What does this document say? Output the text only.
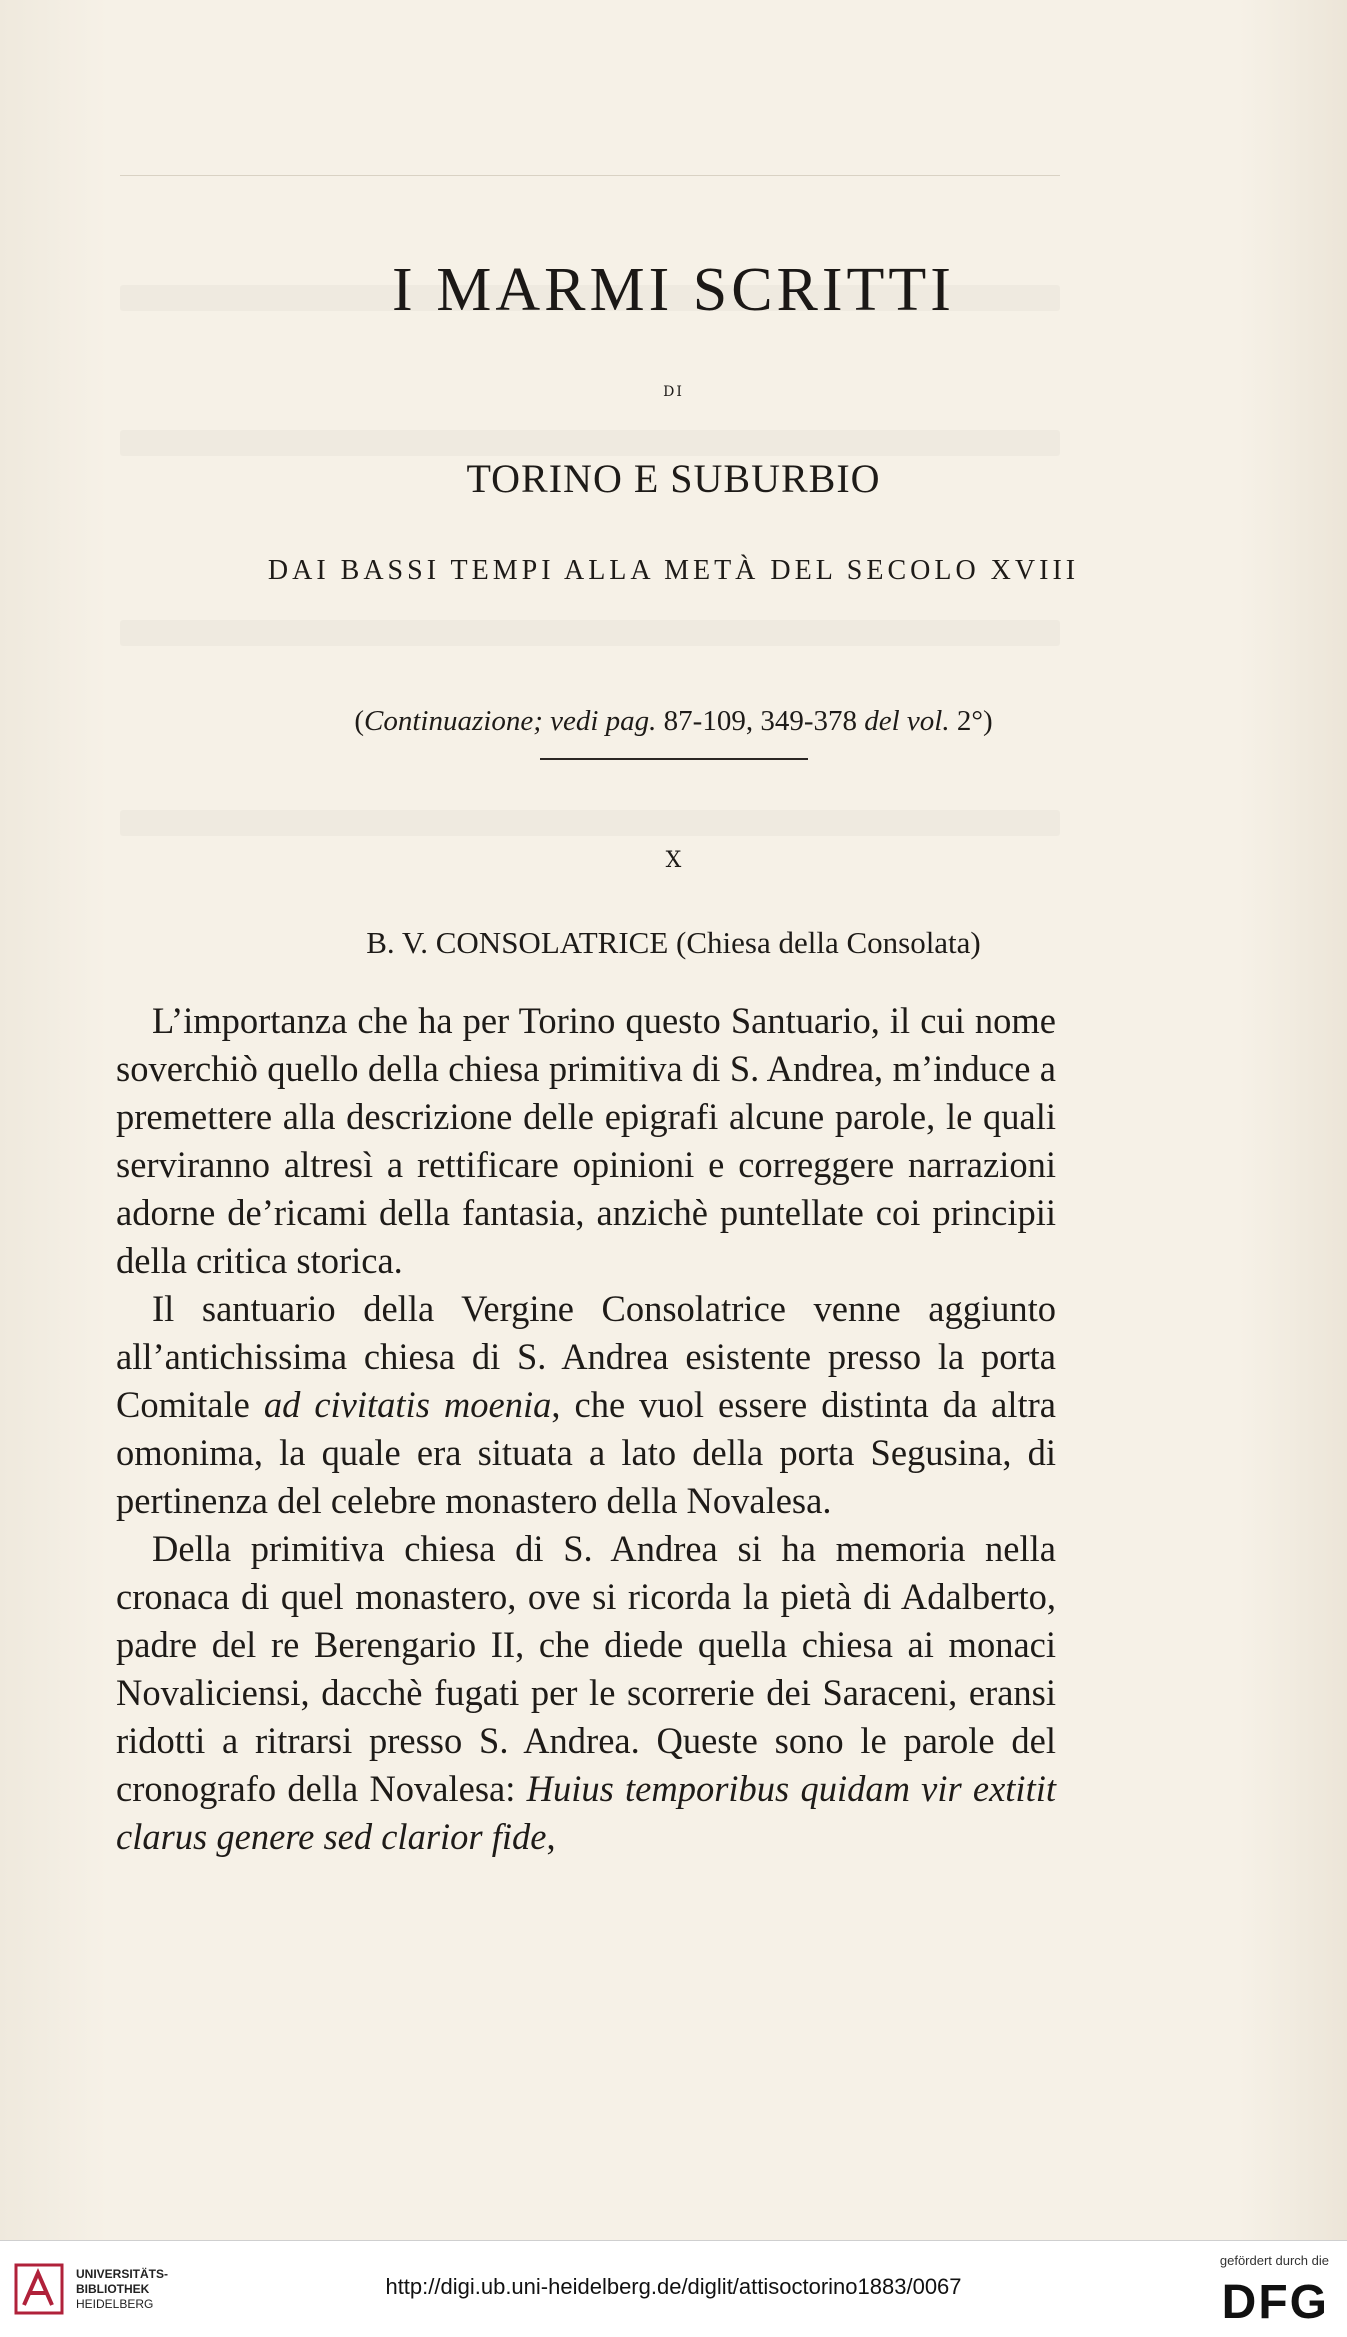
I MARMI SCRITTI
DI
TORINO E SUBURBIO
DAI BASSI TEMPI ALLA METÀ DEL SECOLO XVIII
(Continuazione; vedi pag. 87-109, 349-378 del vol. 2°)
X
B. V. CONSOLATRICE (Chiesa della Consolata)

L’importanza che ha per Torino questo Santuario, il cui nome soverchiò quello della chiesa primitiva di S. Andrea, m’induce a premettere alla descrizione delle epigrafi alcune parole, le quali serviranno altresì a rettificare opinioni e correggere narrazioni adorne de’ricami della fantasia, anzichè puntellate coi principii della critica storica.

Il santuario della Vergine Consolatrice venne aggiunto all’antichissima chiesa di S. Andrea esistente presso la porta Comitale ad civitatis moenia, che vuol essere distinta da altra omonima, la quale era situata a lato della porta Segusina, di pertinenza del celebre monastero della Novalesa.

Della primitiva chiesa di S. Andrea si ha memoria nella cronaca di quel monastero, ove si ricorda la pietà di Adalberto, padre del re Berengario II, che diede quella chiesa ai monaci Novaliciensi, dacchè fugati per le scorrerie dei Saraceni, eransi ridotti a ritrarsi presso S. Andrea. Queste sono le parole del cronografo della Novalesa: Huius temporibus quidam vir extitit clarus genere sed clarior fide,

UNIVERSITÄTS-
BIBLIOTHEK
HEIDELBERG
http://digi.ub.uni-heidelberg.de/diglit/attisoctorino1883/0067
gefördert durch die
DFG
